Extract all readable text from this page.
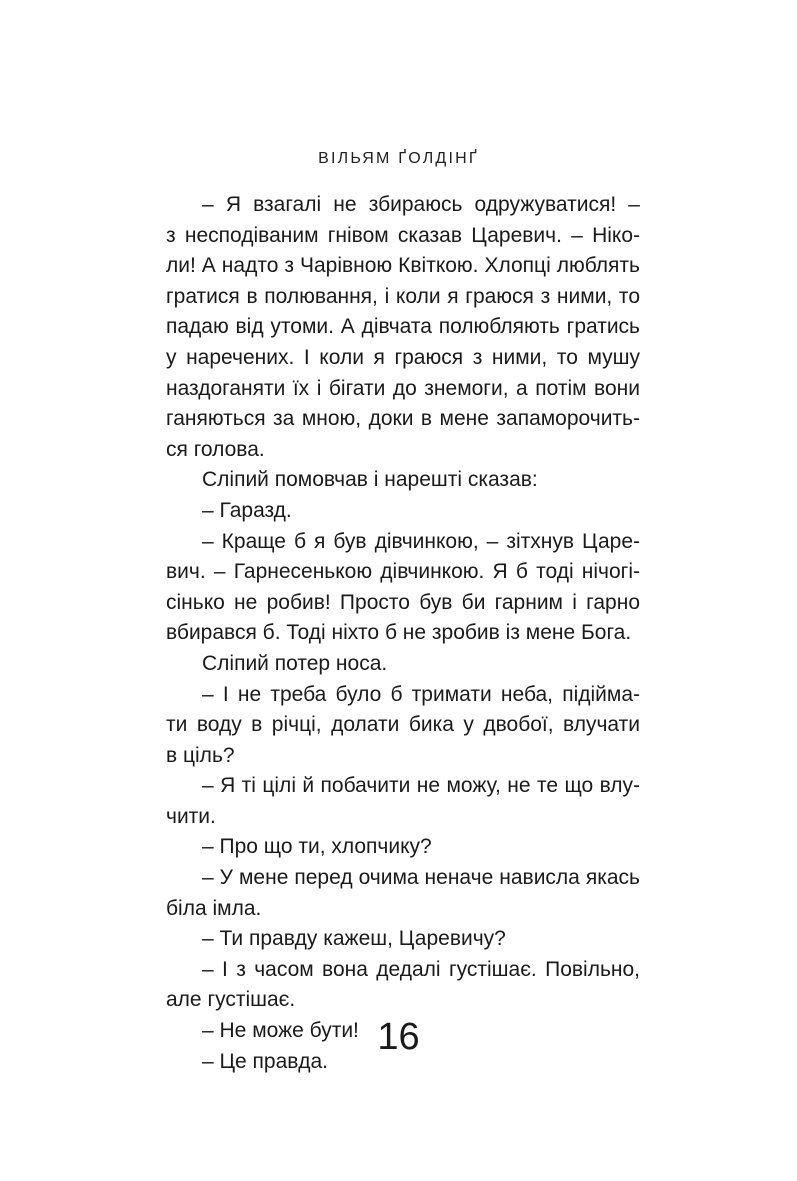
ВІЛЬЯМ ҐОЛДІНҐ

– Я взагалі не збираюсь одружуватися! –
з несподіваним гнівом сказав Царевич. – Ніко-
ли! А надто з Чарівною Квіткою. Хлопці люблять
гратися в полювання, і коли я граюся з ними, то
падаю від утоми. А дівчата полюбляють гратись
у наречених. І коли я граюся з ними, то мушу
наздоганяти їх і бігати до знемоги, а потім вони
ганяються за мною, доки в мене запаморочить-
ся голова.

Сліпий помовчав і нарешті сказав:

– Гаразд.

– Краще б я був дівчинкою, – зітхнув Царе-
вич. – Гарнесенькою дівчинкою. Я б тоді нічогі-
сінько не робив! Просто був би гарним і гарно
вбирався б. Тоді ніхто б не зробив із мене Бога.

Сліпий потер носа.

– І не треба було б тримати неба, підійма-
ти воду в річці, долати бика у двобої, влучати
в ціль?

– Я ті цілі й побачити не можу, не те що влу-
чити.

– Про що ти, хлопчику?

– У мене перед очима неначе нависла якась
біла імла.

– Ти правду кажеш, Царевичу?

– І з часом вона дедалі густішає. Повільно,
але густішає.

– Не може бути!

– Це правда.

16
